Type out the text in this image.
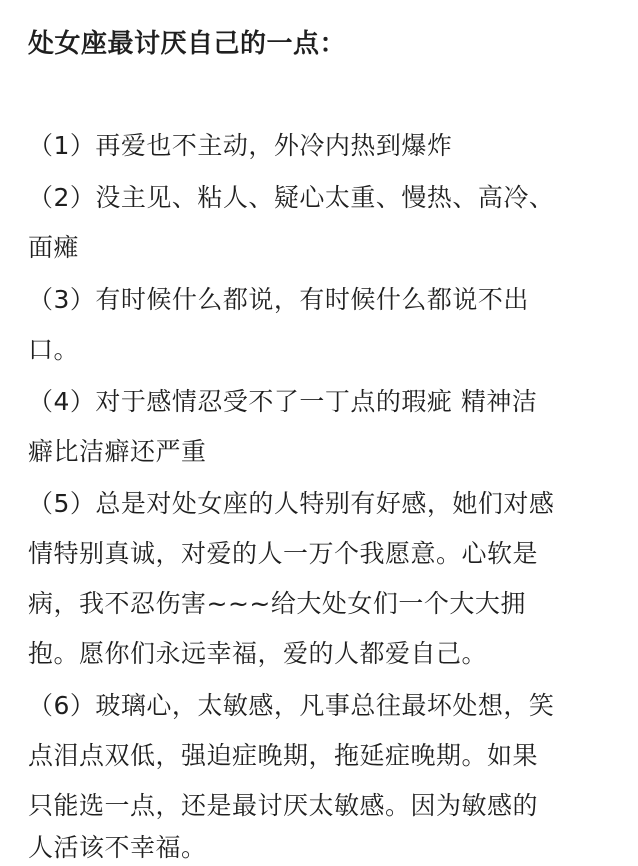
处女座最讨厌自己的一点：
（1）再爱也不主动，外冷内热到爆炸
（2）没主见、粘人、疑心太重、慢热、高冷、
面瘫
（3）有时候什么都说，有时候什么都说不出
口。
（4）对于感情忍受不了一丁点的瑕疵 精神洁
癖比洁癖还严重
（5）总是对处女座的人特别有好感，她们对感
情特别真诚，对爱的人一万个我愿意。心软是
病，我不忍伤害~~~给大处女们一个大大拥
抱。愿你们永远幸福，爱的人都爱自己。
（6）玻璃心，太敏感，凡事总往最坏处想，笑
点泪点双低，强迫症晚期，拖延症晚期。如果
只能选一点，还是最讨厌太敏感。因为敏感的
人活该不幸福。
